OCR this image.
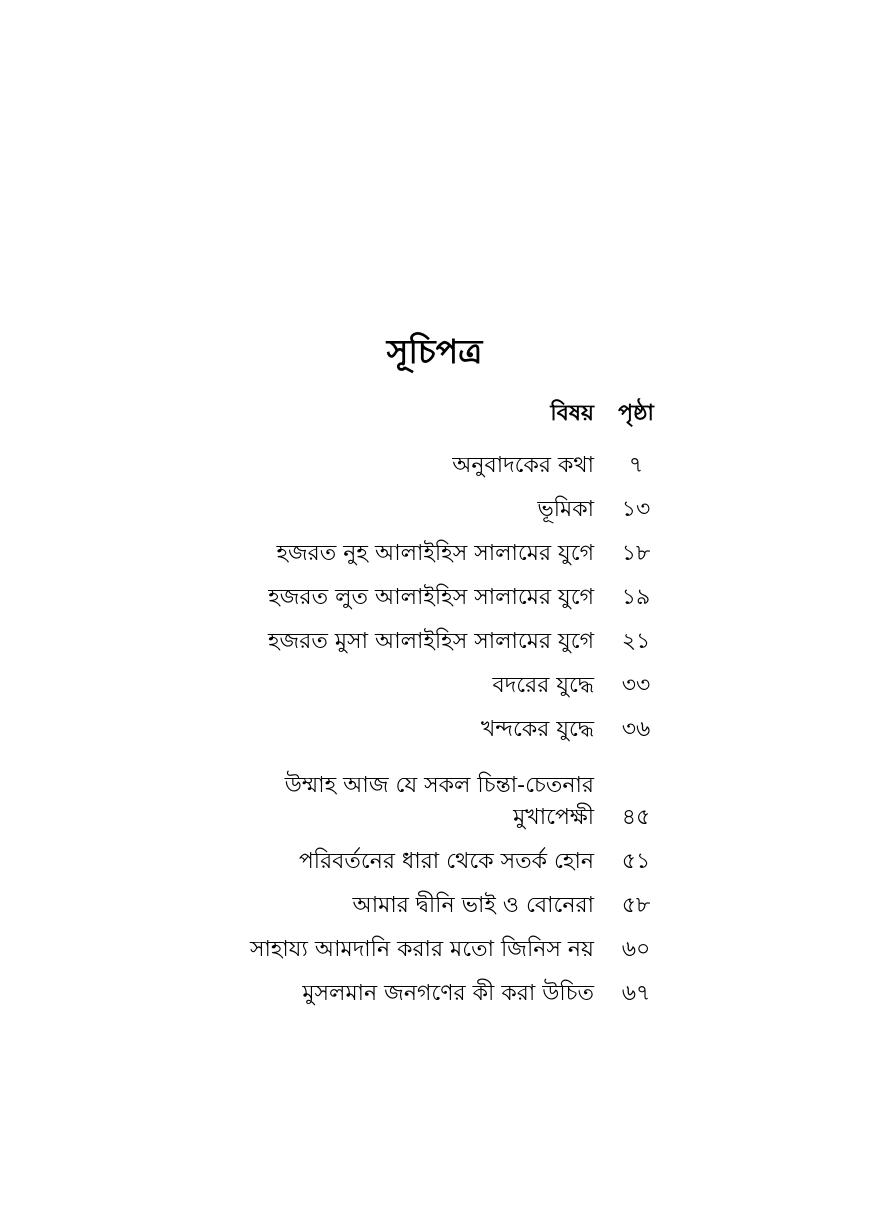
সূচিপত্র
বিষয়	পৃষ্ঠা
অনুবাদকের কথা	৭
ভূমিকা	১৩
হজরত নুহ আলাইহিস সালামের যুগে	১৮
হজরত লুত আলাইহিস সালামের যুগে	১৯
হজরত মুসা আলাইহিস সালামের যুগে	২১
বদরের যুদ্ধে	৩৩
খন্দকের যুদ্ধে	৩৬
উম্মাহ আজ যে সকল চিন্তা-চেতনার
মুখাপেক্ষী	৪৫
পরিবর্তনের ধারা থেকে সতর্ক হোন	৫১
আমার দ্বীনি ভাই ও বোনেরা	৫৮
সাহায্য আমদানি করার মতো জিনিস নয়	৬০
মুসলমান জনগণের কী করা উচিত	৬৭
